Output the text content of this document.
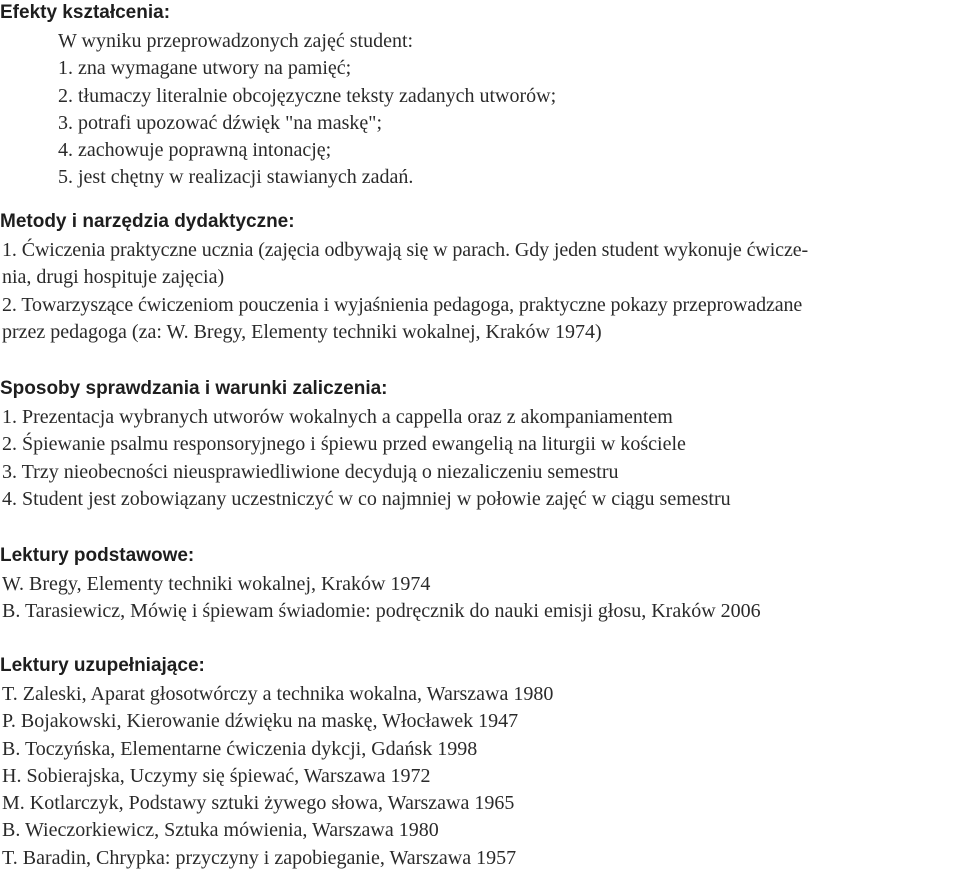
Efekty kształcenia:

W wyniku przeprowadzonych zajęć student:

1. zna wymagane utwory na pamięć;

2. tłumaczy literalnie obcojęzyczne teksty zadanych utworów;

3. potrafi upozować dźwięk "na maskę";

4. zachowuje poprawną intonację;

5. jest chętny w realizacji stawianych zadań.

Metody i narzędzia dydaktyczne:

1. Ćwiczenia praktyczne ucznia (zajęcia odbywają się w parach. Gdy jeden student wykonuje ćwicze-

nia, drugi hospituje zajęcia)

2. Towarzyszące ćwiczeniom pouczenia i wyjaśnienia pedagoga, praktyczne pokazy przeprowadzane

przez pedagoga (za: W. Bregy, Elementy techniki wokalnej, Kraków 1974)

Sposoby sprawdzania i warunki zaliczenia:

1. Prezentacja wybranych utworów wokalnych a cappella oraz z akompaniamentem

2. Śpiewanie psalmu responsoryjnego i śpiewu przed ewangelią na liturgii w kościele

3. Trzy nieobecności nieusprawiedliwione decydują o niezaliczeniu semestru

4. Student jest zobowiązany uczestniczyć w co najmniej w połowie zajęć w ciągu semestru

Lektury podstawowe:

W. Bregy, Elementy techniki wokalnej, Kraków 1974

B. Tarasiewicz, Mówię i śpiewam świadomie: podręcznik do nauki emisji głosu, Kraków 2006

Lektury uzupełniające:

T. Zaleski, Aparat głosotwórczy a technika wokalna, Warszawa 1980

P. Bojakowski, Kierowanie dźwięku na maskę, Włocławek 1947

B. Toczyńska, Elementarne ćwiczenia dykcji, Gdańsk 1998

H. Sobierajska, Uczymy się śpiewać, Warszawa 1972

M. Kotlarczyk, Podstawy sztuki żywego słowa, Warszawa 1965

B. Wieczorkiewicz, Sztuka mówienia, Warszawa 1980

T. Baradin, Chrypka: przyczyny i zapobieganie, Warszawa 1957
